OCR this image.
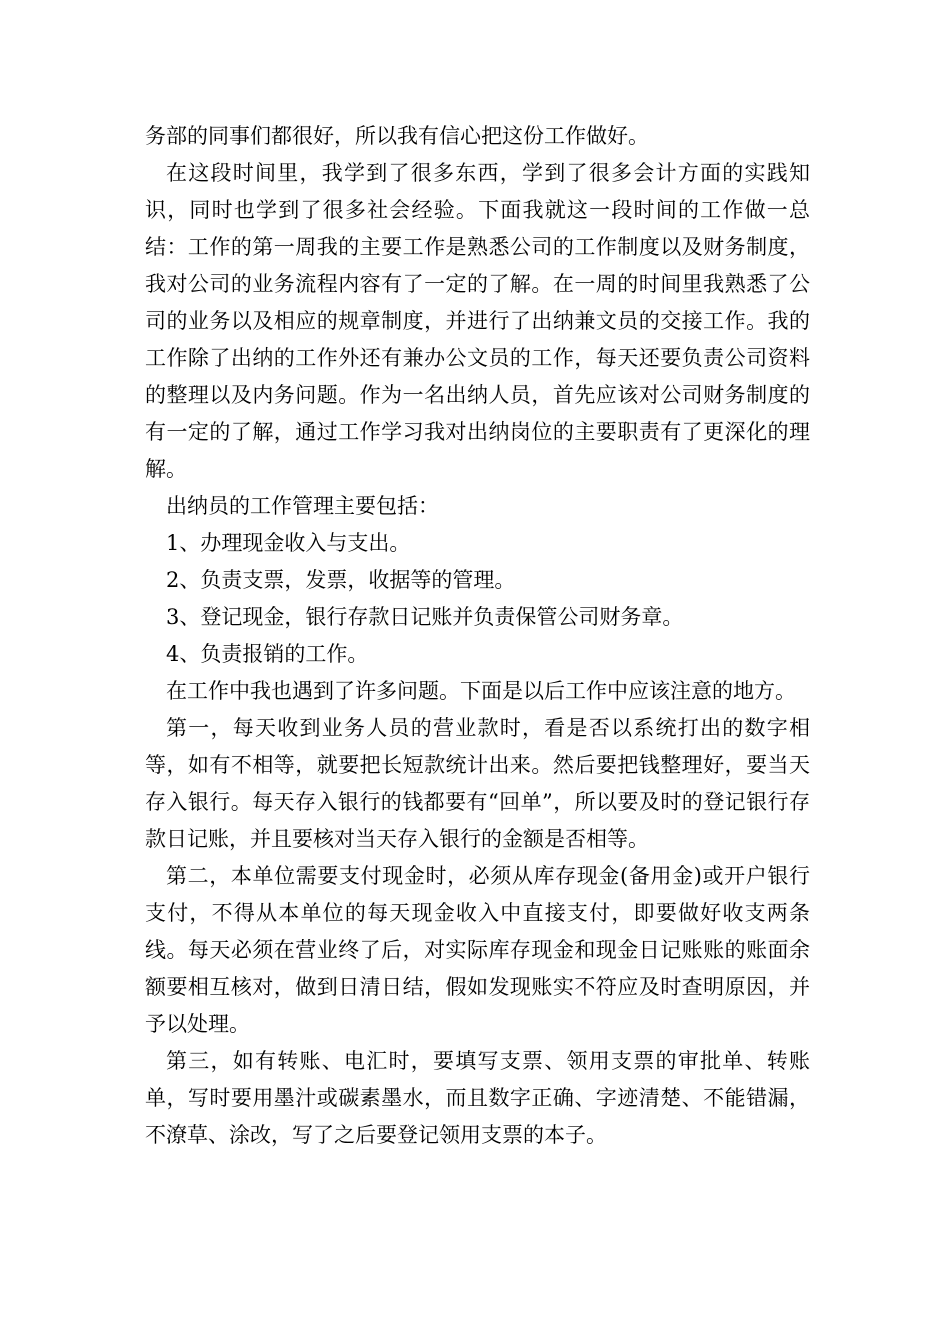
务部的同事们都很好，所以我有信心把这份工作做好。

在这段时间里，我学到了很多东西，学到了很多会计方面的实践知识，同时也学到了很多社会经验。下面我就这一段时间的工作做一总结：工作的第一周我的主要工作是熟悉公司的工作制度以及财务制度，我对公司的业务流程内容有了一定的了解。在一周的时间里我熟悉了公司的业务以及相应的规章制度，并进行了出纳兼文员的交接工作。我的工作除了出纳的工作外还有兼办公文员的工作，每天还要负责公司资料的整理以及内务问题。作为一名出纳人员，首先应该对公司财务制度的有一定的了解，通过工作学习我对出纳岗位的主要职责有了更深化的理解。

出纳员的工作管理主要包括：

1、办理现金收入与支出。

2、负责支票，发票，收据等的管理。

3、登记现金，银行存款日记账并负责保管公司财务章。

4、负责报销的工作。

在工作中我也遇到了许多问题。下面是以后工作中应该注意的地方。

第一，每天收到业务人员的营业款时，看是否以系统打出的数字相等，如有不相等，就要把长短款统计出来。然后要把钱整理好，要当天存入银行。每天存入银行的钱都要有“回单”，所以要及时的登记银行存款日记账，并且要核对当天存入银行的金额是否相等。

第二，本单位需要支付现金时，必须从库存现金(备用金)或开户银行支付，不得从本单位的每天现金收入中直接支付，即要做好收支两条线。每天必须在营业终了后，对实际库存现金和现金日记账账的账面余额要相互核对，做到日清日结，假如发现账实不符应及时查明原因，并予以处理。

第三，如有转账、电汇时，要填写支票、领用支票的审批单、转账单，写时要用墨汁或碳素墨水，而且数字正确、字迹清楚、不能错漏，不潦草、涂改，写了之后要登记领用支票的本子。
